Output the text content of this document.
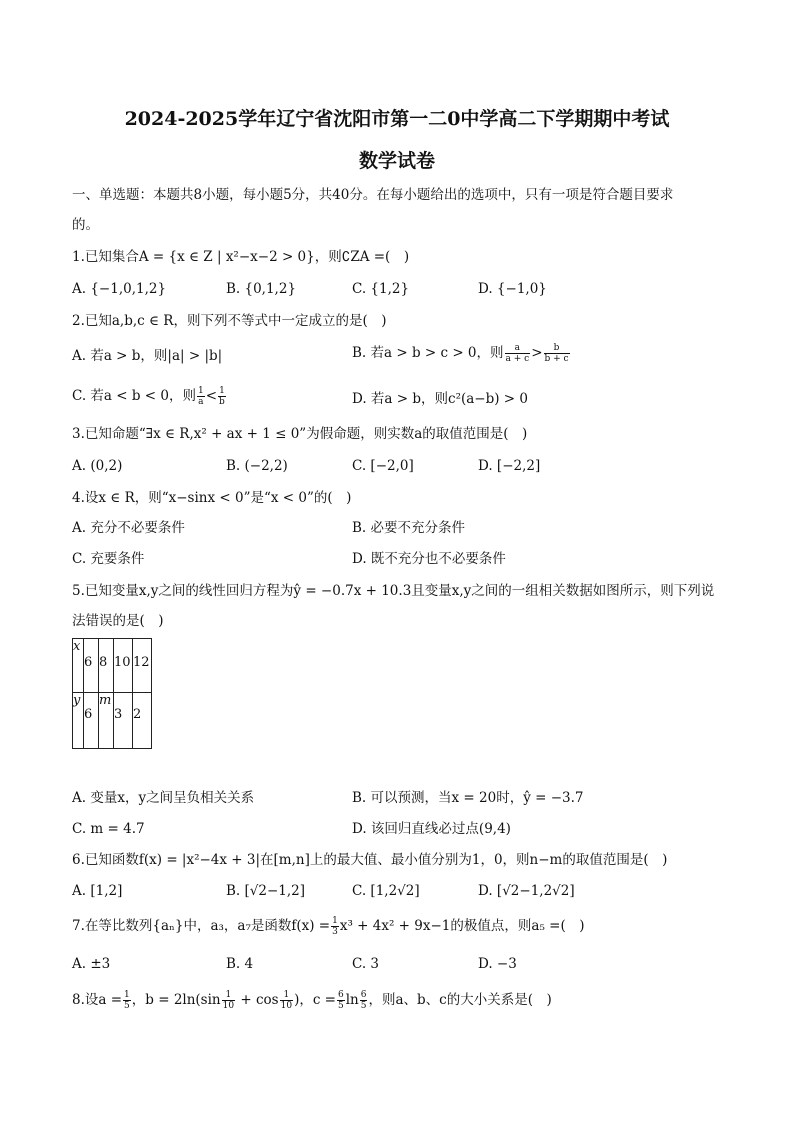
2024-2025学年辽宁省沈阳市第一二0中学高二下学期期中考试
数学试卷
一、单选题：本题共8小题，每小题5分，共40分。在每小题给出的选项中，只有一项是符合题目要求
的。
1.已知集合A = {x ∈ Z | x²−x−2 > 0}，则∁ZA =(　)
A. {−1,0,1,2}	B. {0,1,2}	C. {1,2}	D. {−1,0}
2.已知a,b,c ∈ R，则下列不等式中一定成立的是(　)
A. 若a > b，则|a| > |b|	B. 若a > b > c > 0，则 $\frac{a}{a + c} > \frac{b}{b + c}$
C. 若a < b < 0，则 $\frac{1}{a} < \frac{1}{b}$	D. 若a > b，则c²(a−b) > 0
3.已知命题“∃x ∈ R,x² + ax + 1 ≤ 0”为假命题，则实数a的取值范围是(　)
A. (0,2)	B. (−2,2)	C. [−2,0]	D. [−2,2]
4.设x ∈ R，则“x−sinx < 0”是“x < 0”的(　)
A. 充分不必要条件	B. 必要不充分条件
C. 充要条件	D. 既不充分也不必要条件
5.已知变量x,y之间的线性回归方程为ŷ = −0.7x + 10.3且变量x,y之间的一组相关数据如图所示，则下列说
法错误的是(　)
x	6	8	10	12

y	6	m	3	2
A. 变量x，y之间呈负相关关系	B. 可以预测，当x = 20时，ŷ = −3.7
C. m = 4.7	D. 该回归直线必过点(9,4)
6.已知函数f(x) = |x²−4x + 3|在[m,n]上的最大值、最小值分别为1，0，则n−m的取值范围是(　)
A. [1,2]	B. [√2−1,2]	C. [1,2√2]	D. [√2−1,2√2]
7.在等比数列{aₙ}中，a₃，a₇是函数$f(x) = \frac{1}{3} x^3 + 4x^2 + 9x-1$的极值点，则a₅ =(　)
A. ±3	B. 4	C. 3	D. −3
8.设$a = \frac{1}{5}$ ，$b = 2\ln(\sin \frac{1}{10} + \cos \frac{1}{10}$ )，$c = \frac{6}{5}$ $\ln \frac{6}{5}$ ，则a、b、c的大小关系是(　)
